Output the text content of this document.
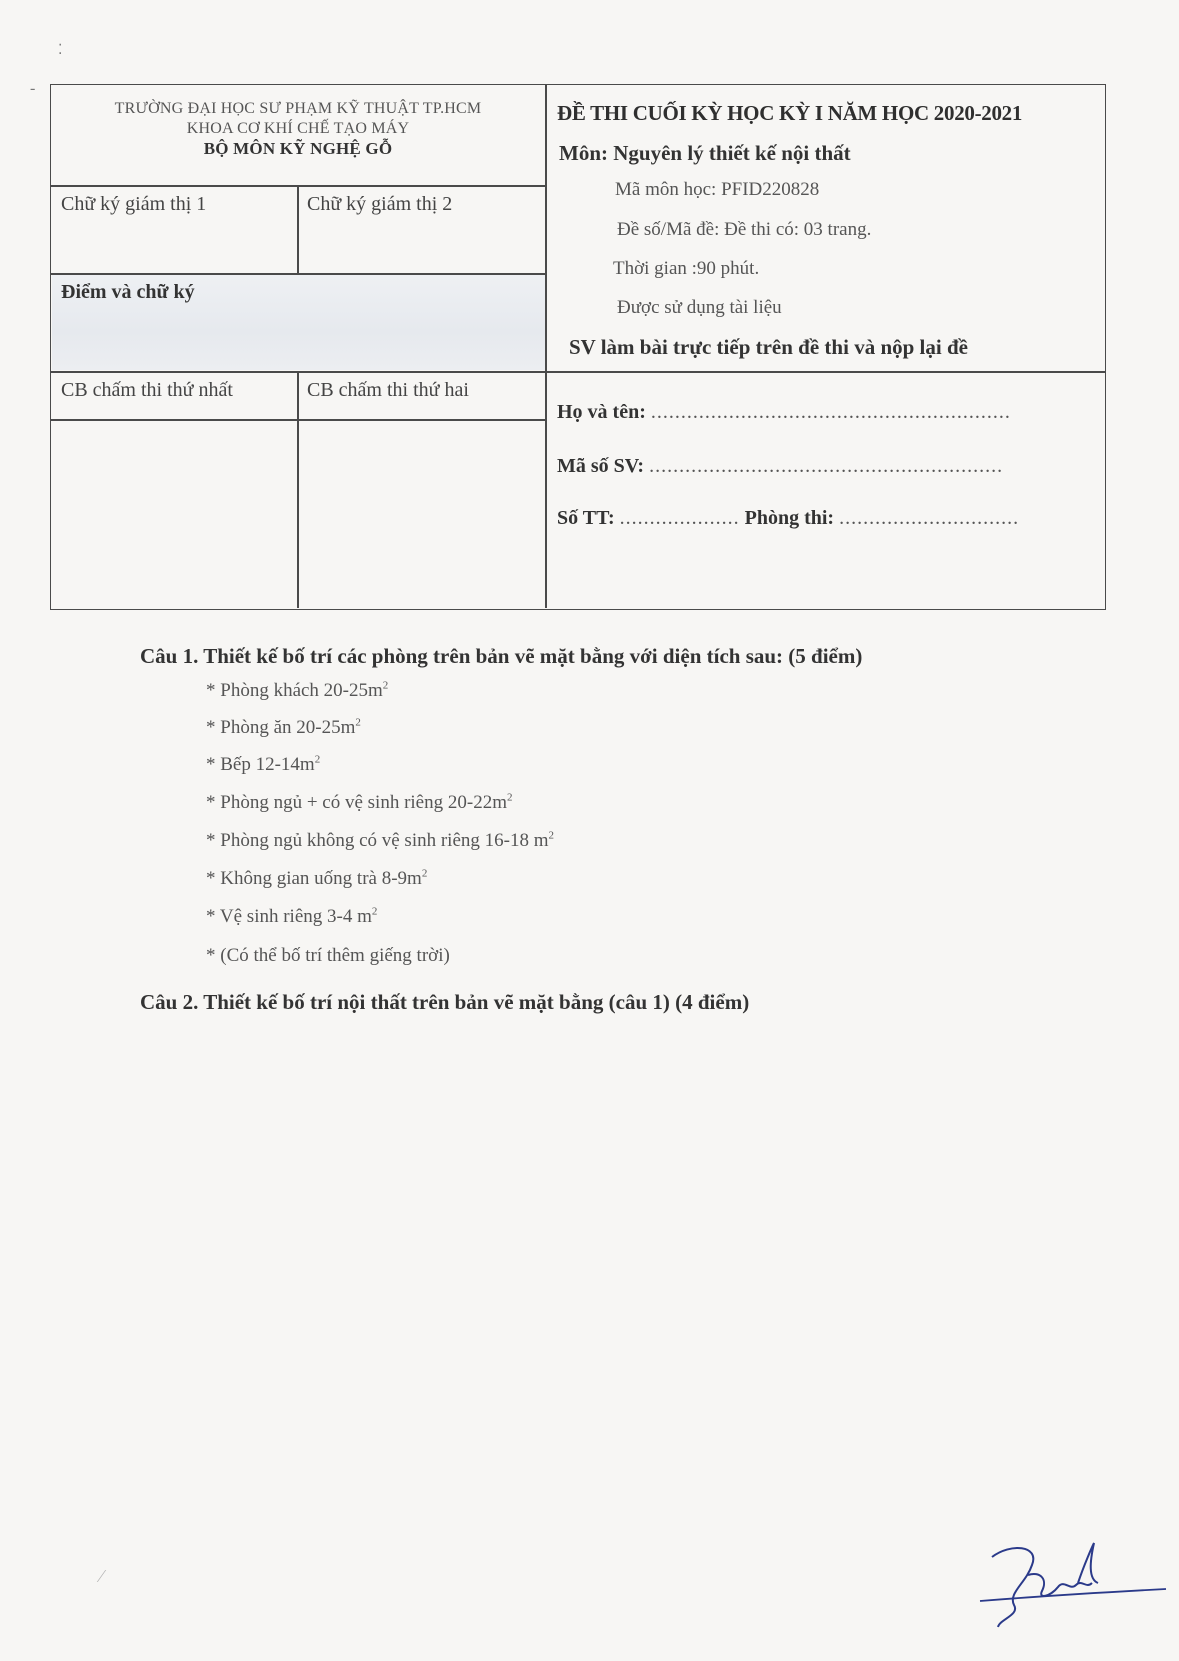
⁚
-
TRƯỜNG ĐẠI HỌC SƯ PHẠM KỸ THUẬT TP.HCM
KHOA CƠ KHÍ CHẾ TẠO MÁY
BỘ MÔN KỸ NGHỆ GỖ
Chữ ký giám thị 1	Chữ ký giám thị 2
Điểm và chữ ký
CB chấm thi thứ nhất	CB chấm thi thứ hai
ĐỀ THI CUỐI KỲ HỌC KỲ I NĂM HỌC 2020-2021
Môn: Nguyên lý thiết kế nội thất
Mã môn học: PFID220828
Đề số/Mã đề: Đề thi có: 03 trang.
Thời gian :90 phút.
Được sử dụng tài liệu
SV làm bài trực tiếp trên đề thi và nộp lại đề
Họ và tên: ............................................................
Mã số SV: ...........................................................
Số TT: .................... Phòng thi: ..............................
Câu 1. Thiết kế bố trí các phòng trên bản vẽ mặt bằng với diện tích sau: (5 điểm)
* Phòng khách $20-25m^2$
* Phòng ăn $20-25m^2$
* Bếp $12-14m^2$
* Phòng ngủ + có vệ sinh riêng $20-22m^2$
* Phòng ngủ không có vệ sinh riêng 16-18 $m^2$
* Không gian uống trà $8-9m^2$
* Vệ sinh riêng 3-4 $m^2$
* (Có thể bố trí thêm giếng trời)
Câu 2. Thiết kế bố trí nội thất trên bản vẽ mặt bằng (câu 1) (4 điểm)
⁄
